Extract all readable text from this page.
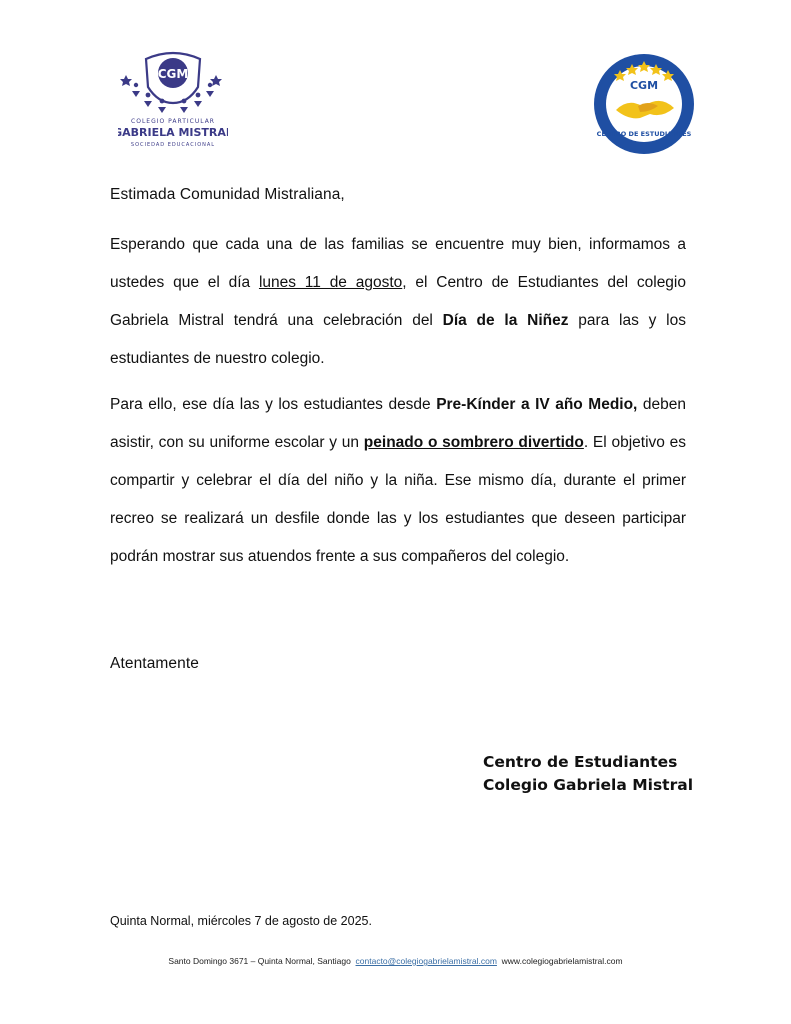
CGM
COLEGIO PARTICULAR
GABRIELA MISTRAL
SOCIEDAD EDUCACIONAL
CGM
CENTRO DE ESTUDIANTES
Estimada Comunidad Mistraliana,
Esperando que cada una de las familias se encuentre muy bien, informamos a ustedes que el día lunes 11 de agosto, el Centro de Estudiantes del colegio Gabriela Mistral tendrá una celebración del Día de la Niñez para las y los estudiantes de nuestro colegio.
Para ello, ese día las y los estudiantes desde Pre-Kínder a IV año Medio, deben asistir, con su uniforme escolar y un peinado o sombrero divertido. El objetivo es compartir y celebrar el día del niño y la niña. Ese mismo día, durante el primer recreo se realizará un desfile donde las y los estudiantes que deseen participar podrán mostrar sus atuendos frente a sus compañeros del colegio.
Atentamente
Centro de Estudiantes
Colegio Gabriela Mistral
Quinta Normal, miércoles 7 de agosto de 2025.
Santo Domingo 3671 – Quinta Normal, Santiago contacto@colegiogabrielamistral.com www.colegiogabrielamistral.com
